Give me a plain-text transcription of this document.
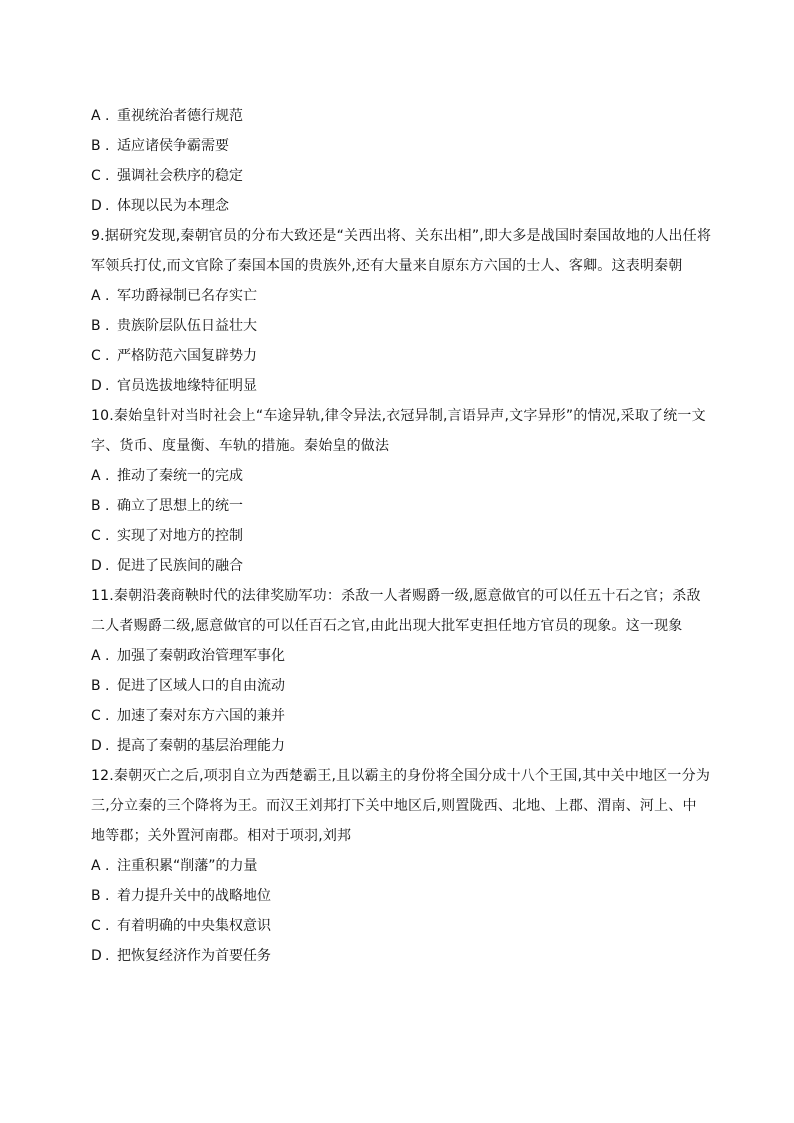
A . 重视统治者德行规范
B . 适应诸侯争霸需要
C . 强调社会秩序的稳定
D . 体现以民为本理念
9.据研究发现,秦朝官员的分布大致还是“关西出将、关东出相”,即大多是战国时秦国故地的人出任将
军领兵打仗,而文官除了秦国本国的贵族外,还有大量来自原东方六国的士人、客卿。这表明秦朝
A . 军功爵禄制已名存实亡
B . 贵族阶层队伍日益壮大
C . 严格防范六国复辟势力
D . 官员选拔地缘特征明显
10.秦始皇针对当时社会上“车途异轨,律令异法,衣冠异制,言语异声,文字异形”的情况,采取了统一文
字、货币、度量衡、车轨的措施。秦始皇的做法
A . 推动了秦统一的完成
B . 确立了思想上的统一
C . 实现了对地方的控制
D . 促进了民族间的融合
11.秦朝沿袭商鞅时代的法律奖励军功：杀敌一人者赐爵一级,愿意做官的可以任五十石之官；杀敌
二人者赐爵二级,愿意做官的可以任百石之官,由此出现大批军吏担任地方官员的现象。这一现象
A . 加强了秦朝政治管理军事化
B . 促进了区域人口的自由流动
C . 加速了秦对东方六国的兼并
D . 提高了秦朝的基层治理能力
12.秦朝灭亡之后,项羽自立为西楚霸王,且以霸主的身份将全国分成十八个王国,其中关中地区一分为
三,分立秦的三个降将为王。而汉王刘邦打下关中地区后,则置陇西、北地、上郡、渭南、河上、中
地等郡；关外置河南郡。相对于项羽,刘邦
A . 注重积累“削藩”的力量
B . 着力提升关中的战略地位
C . 有着明确的中央集权意识
D . 把恢复经济作为首要任务
